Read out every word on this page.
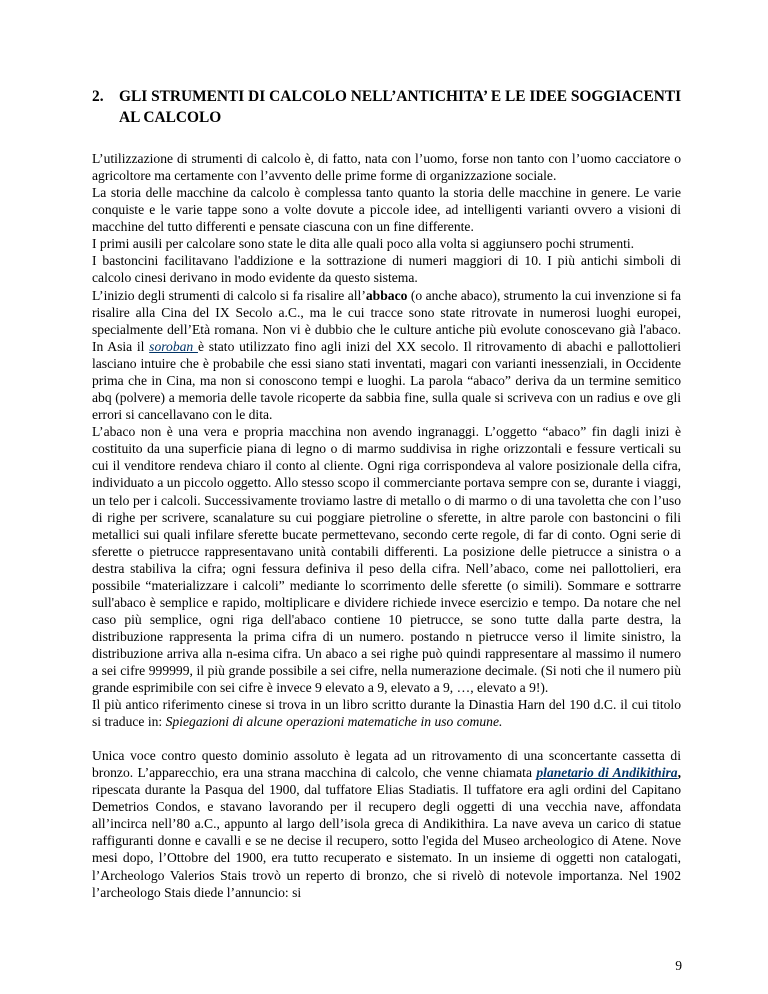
2.	GLI STRUMENTI DI CALCOLO NELL’ANTICHITA’ E LE IDEE SOGGIACENTI AL CALCOLO

L’utilizzazione di strumenti di calcolo è, di fatto, nata con l’uomo, forse non tanto con l’uomo cacciatore o agricoltore ma certamente con l’avvento delle prime forme di organizzazione sociale.

La storia delle macchine da calcolo è complessa tanto quanto la storia delle macchine in genere. Le varie conquiste e le varie tappe sono a volte dovute a piccole idee, ad intelligenti varianti ovvero a visioni di macchine del tutto differenti e pensate ciascuna con un fine differente.

I primi ausili per calcolare sono state le dita alle quali poco alla volta si aggiunsero pochi strumenti.

I bastoncini facilitavano l'addizione e la sottrazione di numeri maggiori di 10. I più antichi simboli di calcolo cinesi derivano in modo evidente da questo sistema.

L’inizio degli strumenti di calcolo si fa risalire all’abbaco (o anche abaco), strumento la cui invenzione si fa risalire alla Cina del IX Secolo a.C., ma le cui tracce sono state ritrovate in numerosi luoghi europei, specialmente dell’Età romana. Non vi è dubbio che le culture antiche più evolute conoscevano già l'abaco. In Asia il soroban è stato utilizzato fino agli inizi del XX secolo. Il ritrovamento di abachi e pallottolieri lasciano intuire che è probabile che essi siano stati inventati, magari con varianti inessenziali, in Occidente prima che in Cina, ma non si conoscono tempi e luoghi. La parola “abaco” deriva da un termine semitico abq (polvere) a memoria delle tavole ricoperte da sabbia fine, sulla quale si scriveva con un radius e ove gli errori si cancellavano con le dita.

L’abaco non è una vera e propria macchina non avendo ingranaggi. L’oggetto “abaco” fin dagli inizi è costituito da una superficie piana di legno o di marmo suddivisa in righe orizzontali e fessure verticali su cui il venditore rendeva chiaro il conto al cliente. Ogni riga corrispondeva al valore posizionale della cifra, individuato a un piccolo oggetto. Allo stesso scopo il commerciante portava sempre con se, durante i viaggi, un telo per i calcoli. Successivamente troviamo lastre di metallo o di marmo o di una tavoletta che con l’uso di righe per scrivere, scanalature su cui poggiare pietroline o sferette, in altre parole con bastoncini o fili metallici sui quali infilare sferette bucate permettevano, secondo certe regole, di far di conto. Ogni serie di sferette o pietrucce rappresentavano unità contabili differenti. La posizione delle pietrucce a sinistra o a destra stabiliva la cifra; ogni fessura definiva il peso della cifra. Nell’abaco, come nei pallottolieri, era possibile “materializzare i calcoli” mediante lo scorrimento delle sferette (o simili). Sommare e sottrarre sull'abaco è semplice e rapido, moltiplicare e dividere richiede invece esercizio e tempo. Da notare che nel caso più semplice, ogni riga dell'abaco contiene 10 pietrucce, se sono tutte dalla parte destra, la distribuzione rappresenta la prima cifra di un numero. postando n pietrucce verso il limite sinistro, la distribuzione arriva alla n-esima cifra. Un abaco a sei righe può quindi rappresentare al massimo il numero a sei cifre 999999, il più grande possibile a sei cifre, nella numerazione decimale. (Si noti che il numero più grande esprimibile con sei cifre è invece 9 elevato a 9, elevato a 9, …, elevato a 9!).

Il più antico riferimento cinese si trova in un libro scritto durante la Dinastia Harn del 190 d.C. il cui titolo si traduce in: Spiegazioni di alcune operazioni matematiche in uso comune.

Unica voce contro questo dominio assoluto è legata ad un ritrovamento di una sconcertante cassetta di bronzo. L’apparecchio, era una strana macchina di calcolo, che venne chiamata planetario di Andikithira, ripescata durante la Pasqua del 1900, dal tuffatore Elias Stadiatis. Il tuffatore era agli ordini del Capitano Demetrios Condos, e stavano lavorando per il recupero degli oggetti di una vecchia nave, affondata all’incirca nell’80 a.C., appunto al largo dell’isola greca di Andikithira. La nave aveva un carico di statue raffiguranti donne e cavalli e se ne decise il recupero, sotto l'egida del Museo archeologico di Atene. Nove mesi dopo, l’Ottobre del 1900, era tutto recuperato e sistemato. In un insieme di oggetti non catalogati, l’Archeologo Valerios Stais trovò un reperto di bronzo, che si rivelò di notevole importanza. Nel 1902 l’archeologo Stais diede l’annuncio: si

9
